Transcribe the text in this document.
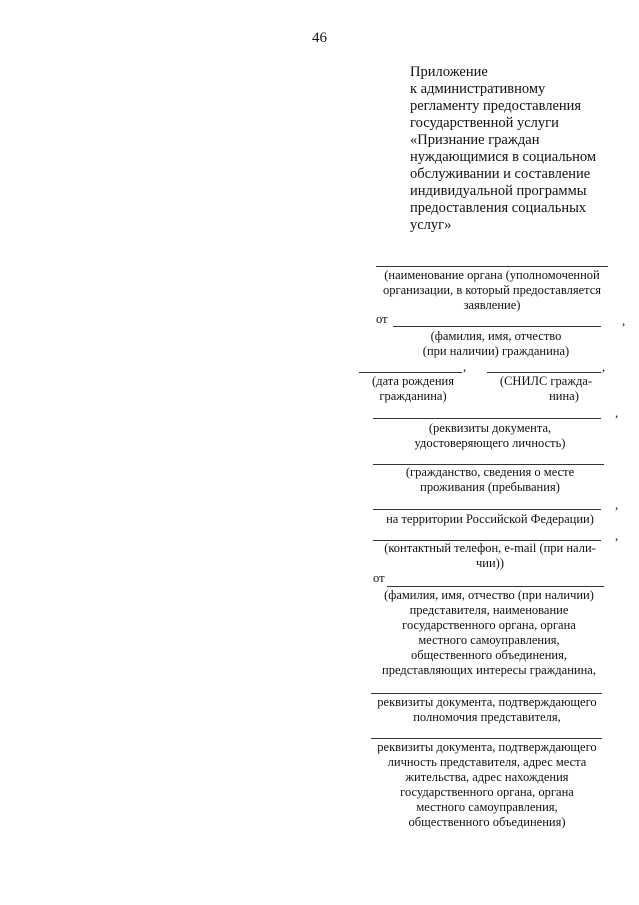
46
Приложение
к административному
регламенту предоставления
государственной услуги
«Признание граждан
нуждающимися в социальном
обслуживании и составление
индивидуальной программы
предоставления социальных
услуг»
(наименование органа (уполномоченной
организации, в который предоставляется
заявление)
от	,
(фамилия, имя, отчество
(при наличии) гражданина)
,	,
(дата рождения
гражданина)
(СНИЛС гражда-
нина)
,
(реквизиты документа,
удостоверяющего личность)
(гражданство, сведения о месте
проживания (пребывания)
,
на территории Российской Федерации)
,
(контактный телефон, e-mail (при нали-
чии))
от
(фамилия, имя, отчество (при наличии)
представителя, наименование
государственного органа, органа
местного самоуправления,
общественного объединения,
представляющих интересы гражданина,
реквизиты документа, подтверждающего
полномочия представителя,
реквизиты документа, подтверждающего
личность представителя, адрес места
жительства, адрес нахождения
государственного органа, органа
местного самоуправления,
общественного объединения)
